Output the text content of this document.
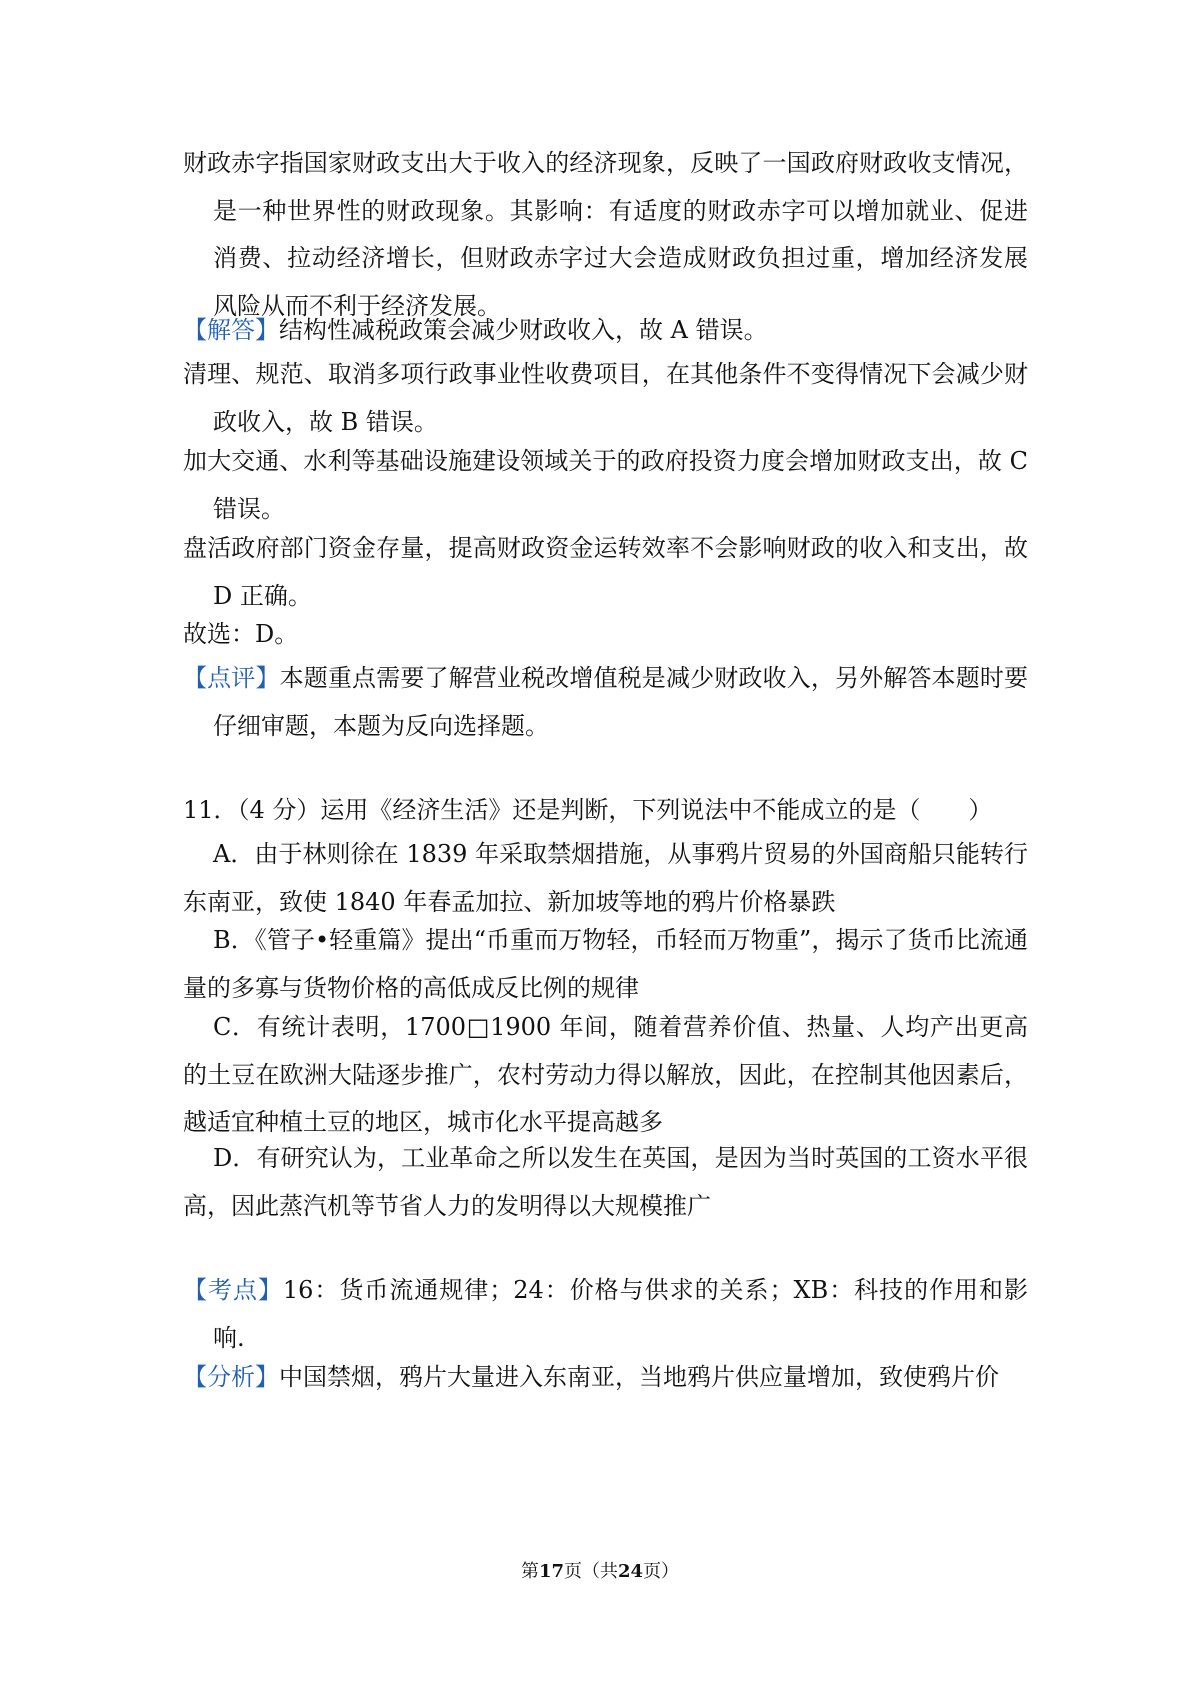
财政赤字指国家财政支出大于收入的经济现象，反映了一国政府财政收支情况，是一种世界性的财政现象。其影响：有适度的财政赤字可以增加就业、促进消费、拉动经济增长，但财政赤字过大会造成财政负担过重，增加经济发展风险从而不利于经济发展。

【解答】结构性减税政策会减少财政收入，故 A 错误。

清理、规范、取消多项行政事业性收费项目，在其他条件不变得情况下会减少财政收入，故 B 错误。

加大交通、水利等基础设施建设领域关于的政府投资力度会增加财政支出，故 C 错误。

盘活政府部门资金存量，提高财政资金运转效率不会影响财政的收入和支出，故 D 正确。

故选：D。

【点评】本题重点需要了解营业税改增值税是减少财政收入，另外解答本题时要仔细审题，本题为反向选择题。

11．（4 分）运用《经济生活》还是判断，下列说法中不能成立的是（　　）

A．由于林则徐在 1839 年采取禁烟措施，从事鸦片贸易的外国商船只能转行东南亚，致使 1840 年春孟加拉、新加坡等地的鸦片价格暴跌

B．《管子•轻重篇》提出“币重而万物轻，币轻而万物重”，揭示了货币比流通量的多寡与货物价格的高低成反比例的规律

C．有统计表明，1700□1900 年间，随着营养价值、热量、人均产出更高的土豆在欧洲大陆逐步推广，农村劳动力得以解放，因此，在控制其他因素后，越适宜种植土豆的地区，城市化水平提高越多

D．有研究认为，工业革命之所以发生在英国，是因为当时英国的工资水平很高，因此蒸汽机等节省人力的发明得以大规模推广

【考点】16：货币流通规律；24：价格与供求的关系；XB：科技的作用和影响.

【分析】中国禁烟，鸦片大量进入东南亚，当地鸦片供应量增加，致使鸦片价

第17页（共24页）
